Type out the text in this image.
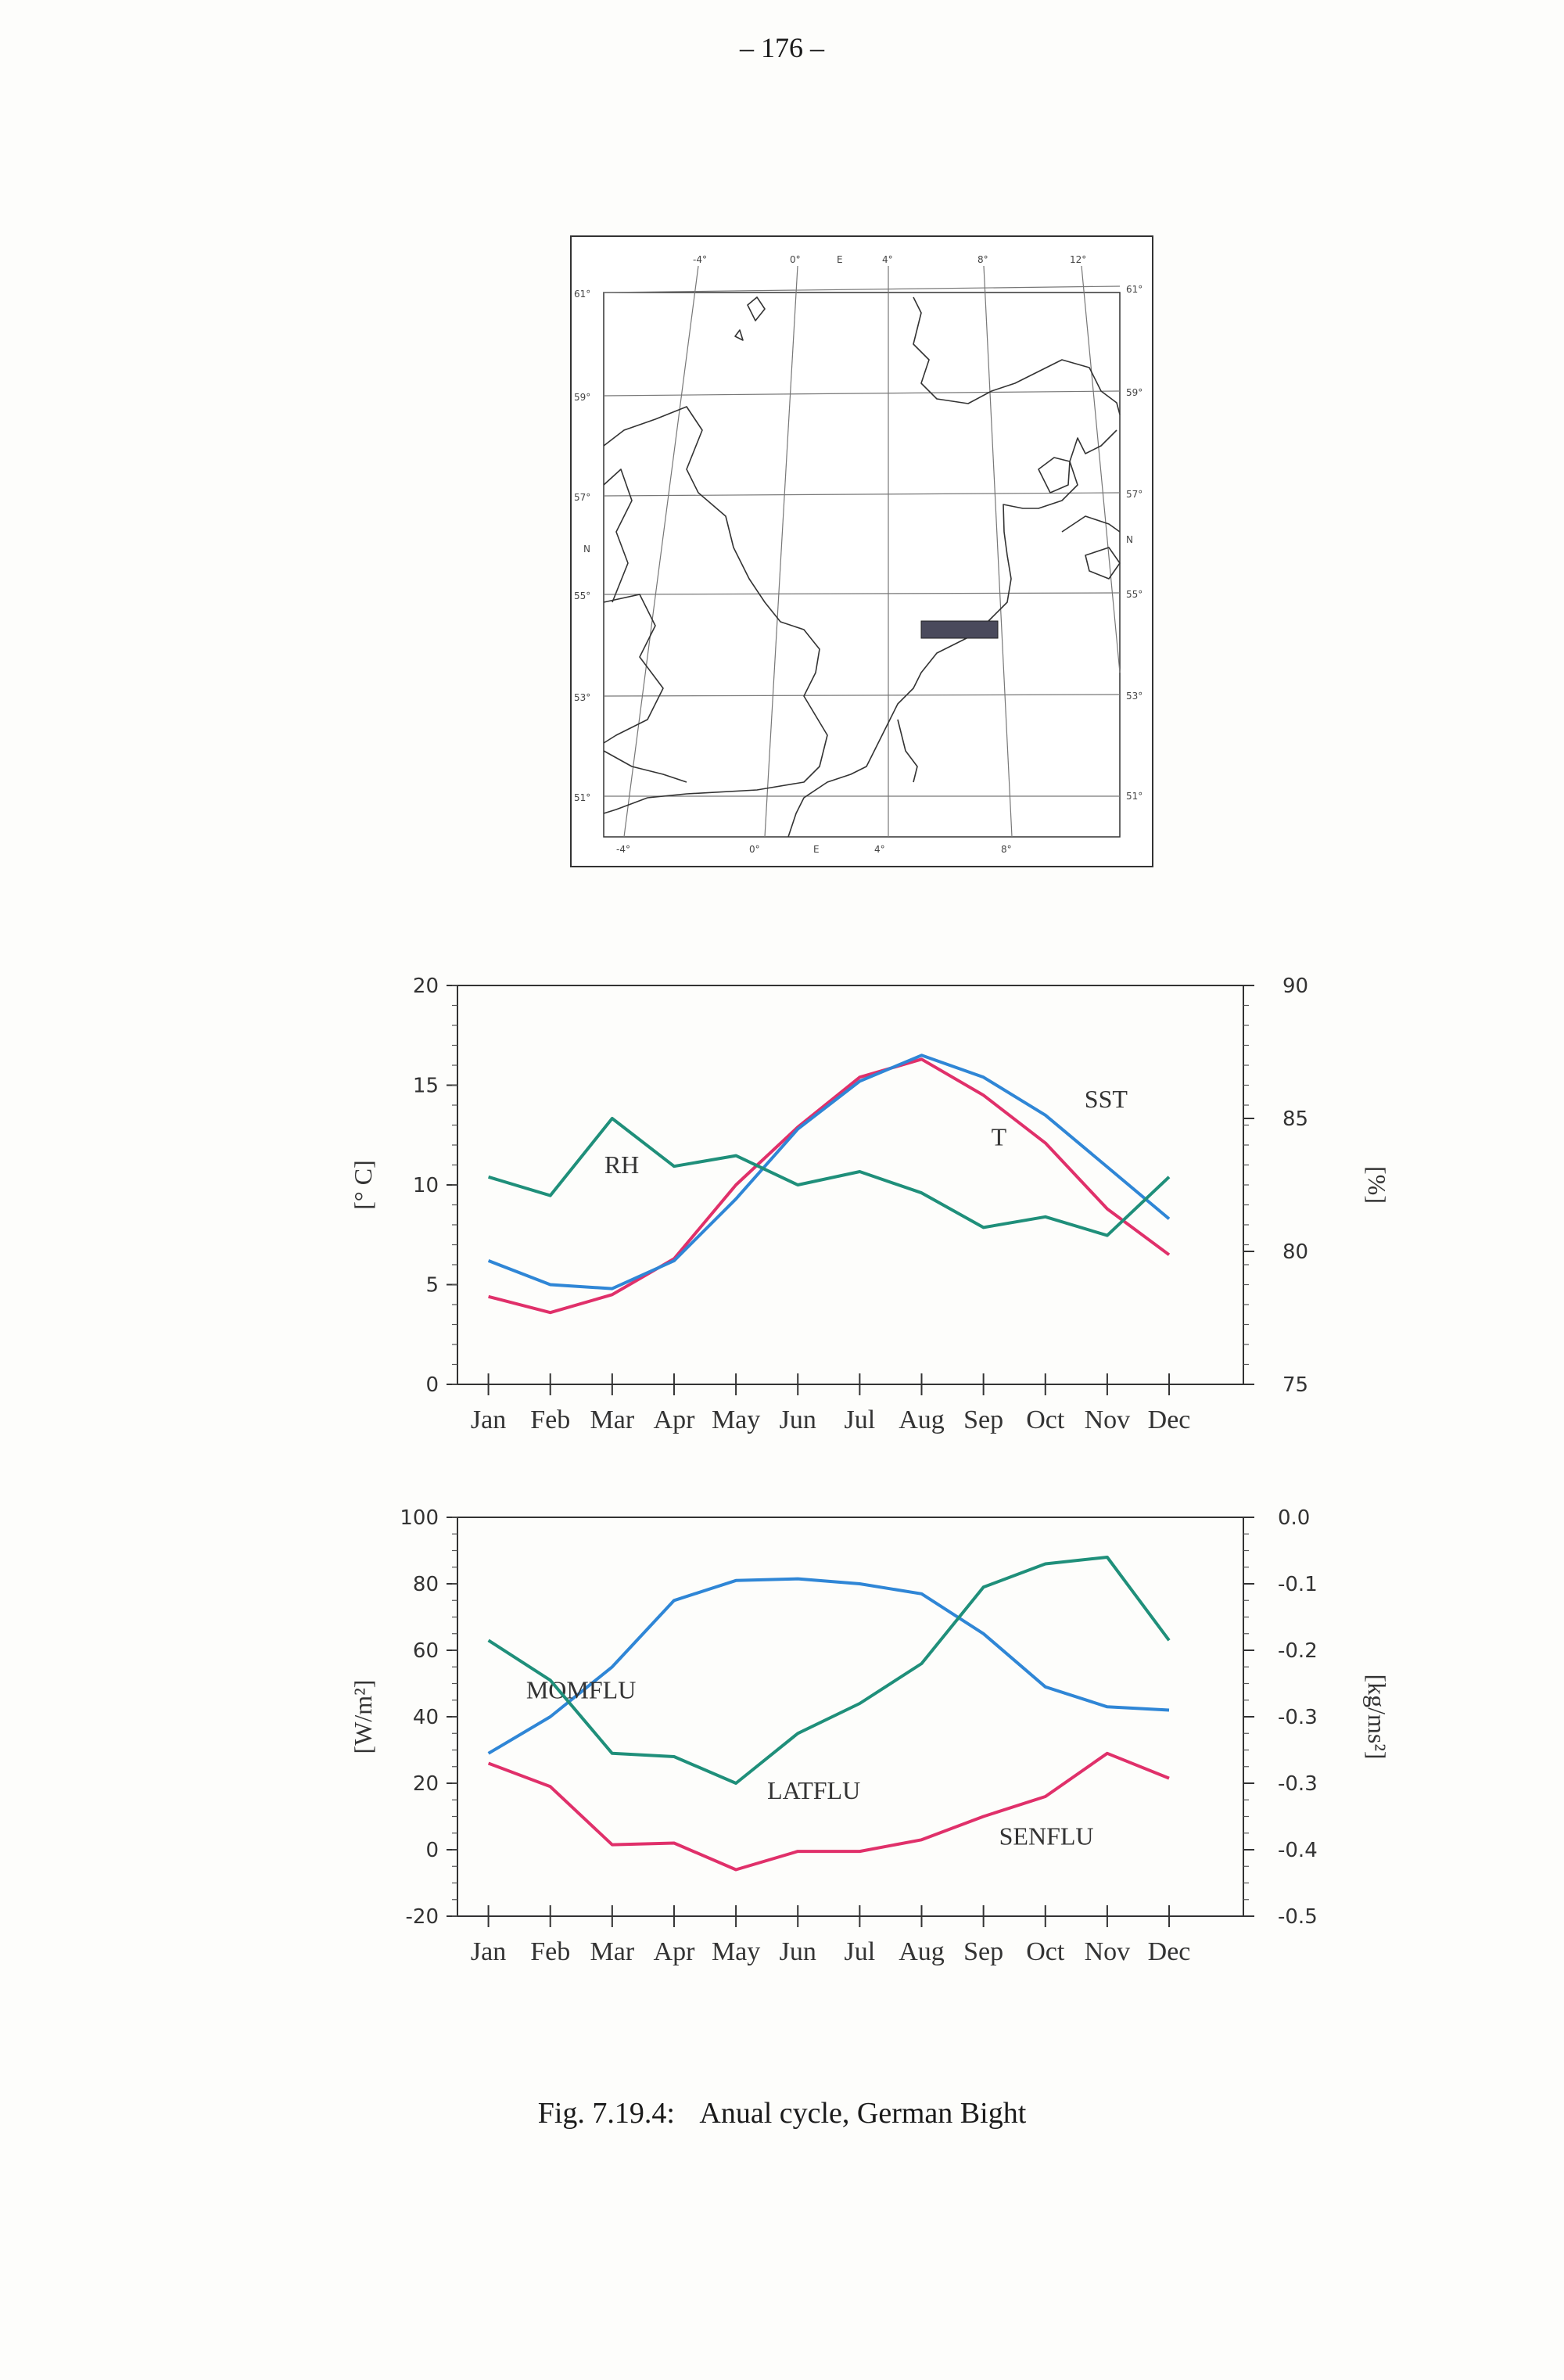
– 176 –
61°
59°
57°
55°
53°
51°
61°
59°
57°
55°
53°
51°
N
N
-4°	0°	E	4°	8°	12°
-4°	0°	E	4°	8°
0
5
10
15
20
75
80
85
90
Jan Feb Mar Apr May Jun Jul Aug Sep Oct Nov Dec
[° C]	[%]
T
SST
RH
-20
0
20
40
60
80
100	0.0
-0.1
-0.2
-0.3
-0.3
-0.4
-0.5
Jan Feb Mar Apr May Jun Jul Aug Sep Oct Nov Dec
[W/m²]	[kg/ms²]
MOMFLU
LATFLU
SENFLU
Fig. 7.19.4: Anual cycle, German Bight
